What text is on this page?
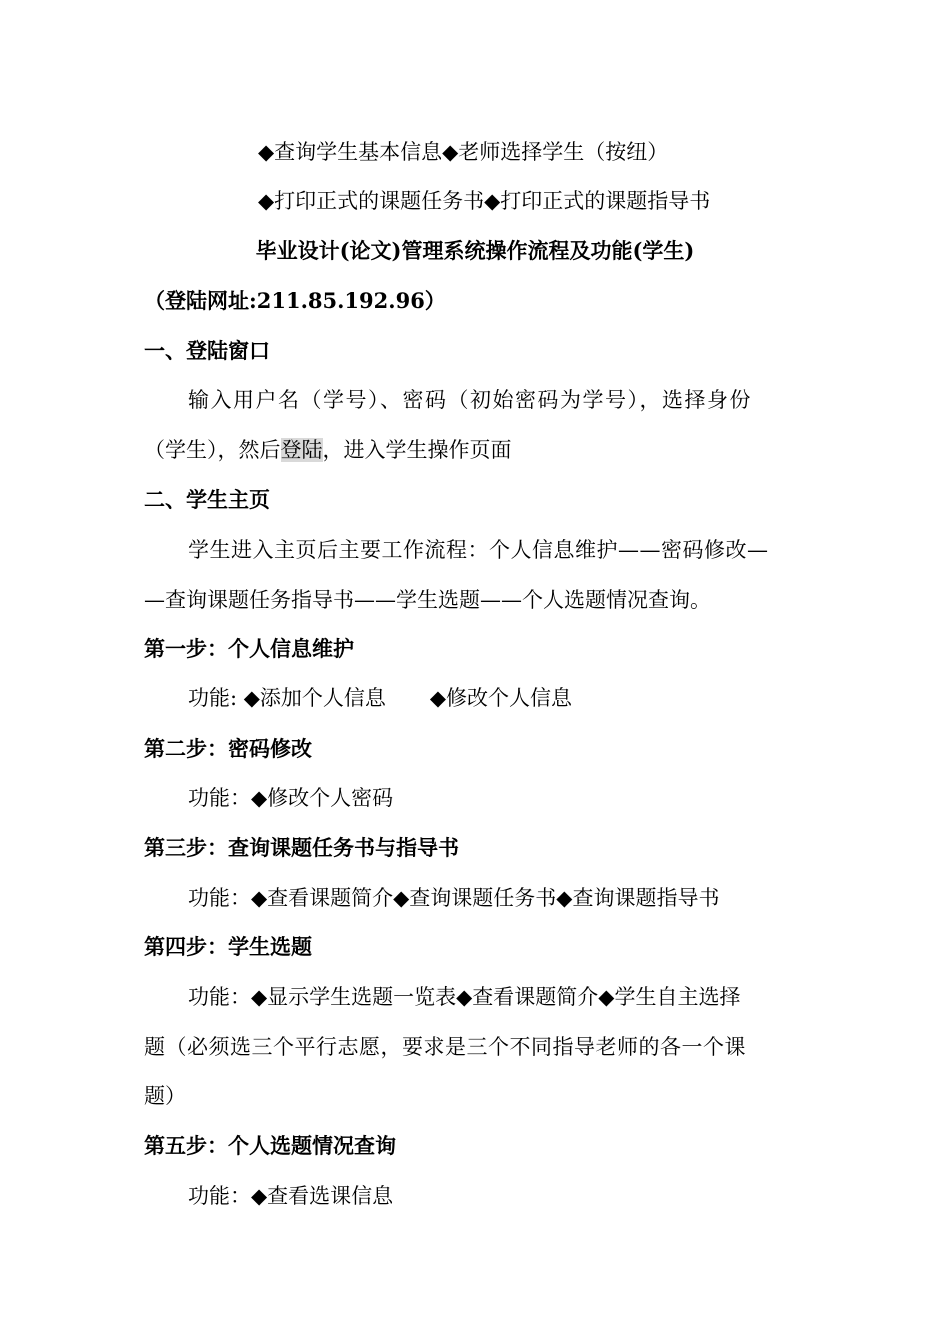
◆查询学生基本信息◆老师选择学生（按纽）
◆打印正式的课题任务书◆打印正式的课题指导书
毕业设计(论文)管理系统操作流程及功能(学生)
（登陆网址:211.85.192.96）
一、登陆窗口
输入用户名（学号）、密码（初始密码为学号），选择身份
（学生），然后登陆，进入学生操作页面
二、学生主页
学生进入主页后主要工作流程：个人信息维护——密码修改—
—查询课题任务指导书——学生选题——个人选题情况查询。
第一步：个人信息维护
功能: ◆添加个人信息 ◆修改个人信息
第二步：密码修改
功能：◆修改个人密码
第三步：查询课题任务书与指导书
功能：◆查看课题简介◆查询课题任务书◆查询课题指导书
第四步：学生选题
功能：◆显示学生选题一览表◆查看课题简介◆学生自主选择
题（必须选三个平行志愿，要求是三个不同指导老师的各一个课
题）
第五步：个人选题情况查询
功能：◆查看选课信息
